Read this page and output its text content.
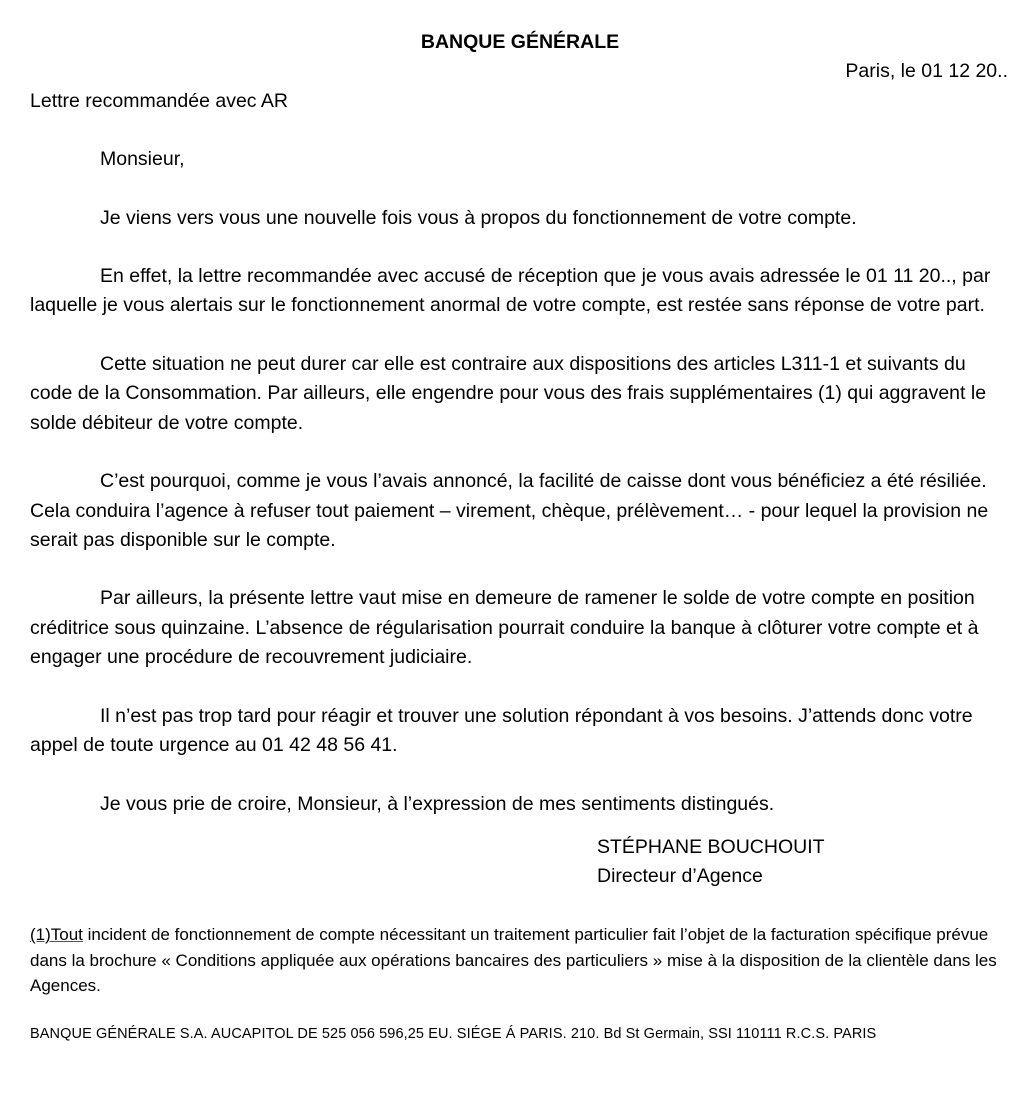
BANQUE GÉNÉRALE

Paris, le 01 12 20..

Lettre recommandée avec AR

Monsieur,

Je viens vers vous une nouvelle fois vous à propos du fonctionnement de votre compte.

En effet, la lettre recommandée avec accusé de réception que je vous avais adressée le 01 11 20.., par laquelle je vous alertais sur le fonctionnement anormal de votre compte, est restée sans réponse de votre part.

Cette situation ne peut durer car elle est contraire aux dispositions des articles L311-1 et suivants du code de la Consommation. Par ailleurs, elle engendre pour vous des frais supplémentaires (1) qui aggravent le solde débiteur de votre compte.

C’est pourquoi, comme je vous l’avais annoncé, la facilité de caisse dont vous bénéficiez a été résiliée. Cela conduira l’agence à refuser tout paiement – virement, chèque, prélèvement… - pour lequel la provision ne serait pas disponible sur le compte.

Par ailleurs, la présente lettre vaut mise en demeure de ramener le solde de votre compte en position créditrice sous quinzaine. L’absence de régularisation pourrait conduire la banque à clôturer votre compte et à engager une procédure de recouvrement judiciaire.

Il n’est pas trop tard pour réagir et trouver une solution répondant à vos besoins. J’attends donc votre appel de toute urgence au 01 42 48 56 41.

Je vous prie de croire, Monsieur, à l’expression de mes sentiments distingués.

STÉPHANE BOUCHOUIT
Directeur d’Agence
(1)Tout incident de fonctionnement de compte nécessitant un traitement particulier fait l’objet de la facturation spécifique prévue dans la brochure « Conditions appliquée aux opérations bancaires des particuliers » mise à la disposition de la clientèle dans les Agences.
BANQUE GÉNÉRALE S.A. AUCAPITOL DE 525 056 596,25 EU. SIÉGE Á PARIS. 210. Bd St Germain, SSI 110111 R.C.S. PARIS
